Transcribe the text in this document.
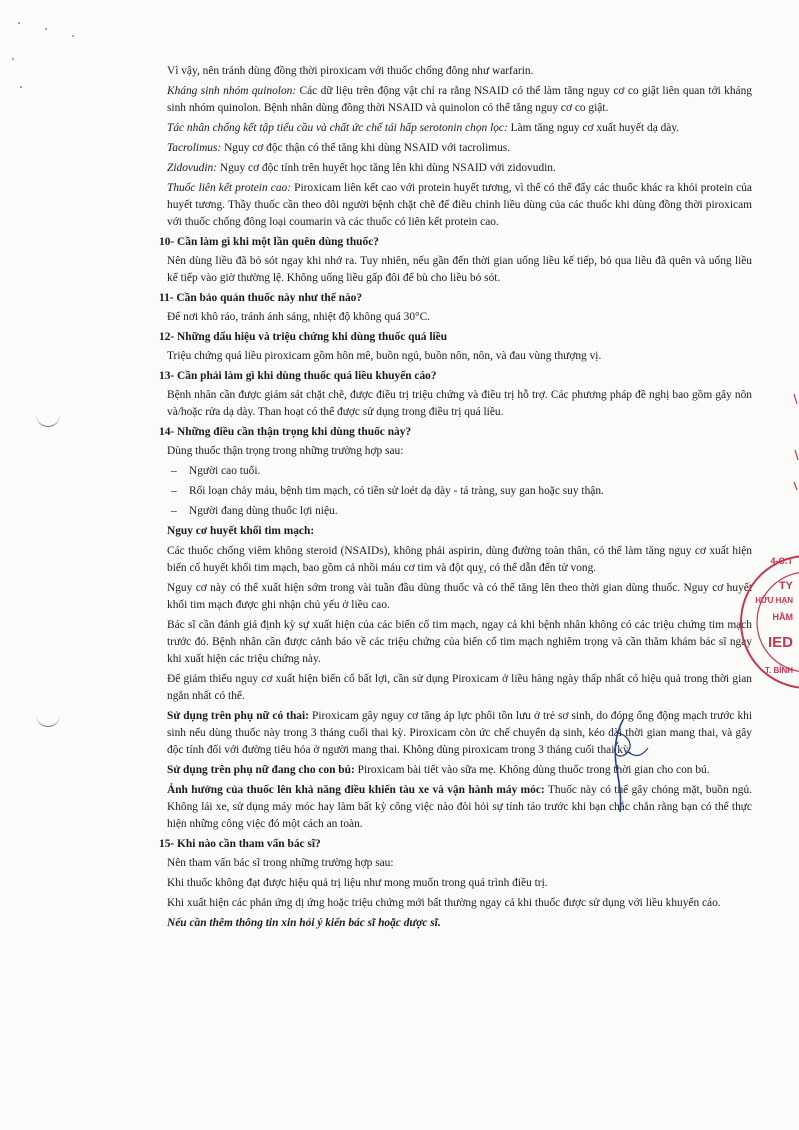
Vì vậy, nên tránh dùng đồng thời piroxicam với thuốc chống đông như warfarin.

Kháng sinh nhóm quinolon: Các dữ liệu trên động vật chỉ ra rằng NSAID có thể làm tăng nguy cơ co giật liên quan tới kháng sinh nhóm quinolon. Bệnh nhân dùng đồng thời NSAID và quinolon có thể tăng nguy cơ co giật.

Tác nhân chống kết tập tiểu cầu và chất ức chế tái hấp serotonin chọn lọc: Làm tăng nguy cơ xuất huyết dạ dày.

Tacrolimus: Nguy cơ độc thận có thể tăng khi dùng NSAID với tacrolimus.

Zidovudin: Nguy cơ độc tính trên huyết học tăng lên khi dùng NSAID với zidovudin.

Thuốc liên kết protein cao: Piroxicam liên kết cao với protein huyết tương, vì thế có thể đẩy các thuốc khác ra khỏi protein của huyết tương. Thầy thuốc cần theo dõi người bệnh chặt chẽ để điều chỉnh liều dùng của các thuốc khi dùng đồng thời piroxicam với thuốc chống đông loại coumarin và các thuốc có liên kết protein cao.

10- Cần làm gì khi một lần quên dùng thuốc?

Nên dùng liều đã bỏ sót ngay khi nhớ ra. Tuy nhiên, nếu gần đến thời gian uống liều kế tiếp, bỏ qua liều đã quên và uống liều kế tiếp vào giờ thường lệ. Không uống liều gấp đôi để bù cho liều bỏ sót.

11- Cần bảo quản thuốc này như thế nào?

Để nơi khô ráo, tránh ánh sáng, nhiệt độ không quá 30°C.

12- Những dấu hiệu và triệu chứng khi dùng thuốc quá liều

Triệu chứng quá liều piroxicam gồm hôn mê, buồn ngủ, buồn nôn, nôn, và đau vùng thượng vị.

13- Cần phải làm gì khi dùng thuốc quá liều khuyến cáo?

Bệnh nhân cần được giám sát chặt chẽ, được điều trị triệu chứng và điều trị hỗ trợ. Các phương pháp đề nghị bao gồm gây nôn và/hoặc rửa dạ dày. Than hoạt có thể được sử dụng trong điều trị quá liều.

14- Những điều cần thận trọng khi dùng thuốc này?

Dùng thuốc thận trọng trong những trường hợp sau:

– Người cao tuổi.

– Rối loạn chảy máu, bệnh tim mạch, có tiền sử loét dạ dày - tá tràng, suy gan hoặc suy thận.

– Người đang dùng thuốc lợi niệu.

Nguy cơ huyết khối tim mạch:

Các thuốc chống viêm không steroid (NSAIDs), không phải aspirin, dùng đường toàn thân, có thể làm tăng nguy cơ xuất hiện biến cố huyết khối tim mạch, bao gồm cả nhồi máu cơ tim và đột quỵ, có thể dẫn đến tử vong.

Nguy cơ này có thể xuất hiện sớm trong vài tuần đầu dùng thuốc và có thể tăng lên theo thời gian dùng thuốc. Nguy cơ huyết khối tim mạch được ghi nhận chủ yếu ở liều cao.

Bác sĩ cần đánh giá định kỳ sự xuất hiện của các biến cố tim mạch, ngay cả khi bệnh nhân không có các triệu chứng tim mạch trước đó. Bệnh nhân cần được cảnh báo về các triệu chứng của biến cố tim mạch nghiêm trọng và cần thăm khám bác sĩ ngay khi xuất hiện các triệu chứng này.

Để giảm thiểu nguy cơ xuất hiện biến cố bất lợi, cần sử dụng Piroxicam ở liều hàng ngày thấp nhất có hiệu quả trong thời gian ngắn nhất có thể.

Sử dụng trên phụ nữ có thai: Piroxicam gây nguy cơ tăng áp lực phổi tồn lưu ở trẻ sơ sinh, do đóng ống động mạch trước khi sinh nếu dùng thuốc này trong 3 tháng cuối thai kỳ. Piroxicam còn ức chế chuyển dạ sinh, kéo dài thời gian mang thai, và gây độc tính đối với đường tiêu hóa ở người mang thai. Không dùng piroxicam trong 3 tháng cuối thai kỳ.

Sử dụng trên phụ nữ đang cho con bú: Piroxicam bài tiết vào sữa mẹ. Không dùng thuốc trong thời gian cho con bú.

Ảnh hưởng của thuốc lên khả năng điều khiển tàu xe và vận hành máy móc: Thuốc này có thể gây chóng mặt, buồn ngủ. Không lái xe, sử dụng máy móc hay làm bất kỳ công việc nào đòi hỏi sự tỉnh táo trước khi bạn chắc chắn rằng bạn có thể thực hiện những công việc đó một cách an toàn.

15- Khi nào cần tham vấn bác sĩ?

Nên tham vấn bác sĩ trong những trường hợp sau:

Khi thuốc không đạt được hiệu quả trị liệu như mong muốn trong quá trình điều trị.

Khi xuất hiện các phản ứng dị ứng hoặc triệu chứng mới bất thường ngay cả khi thuốc được sử dụng với liều khuyến cáo.

Nếu cần thêm thông tin xin hỏi ý kiến bác sĩ hoặc dược sĩ.

4-C.T
TY
HỮU HẠN
HẦM
IED
T. BÌNH
